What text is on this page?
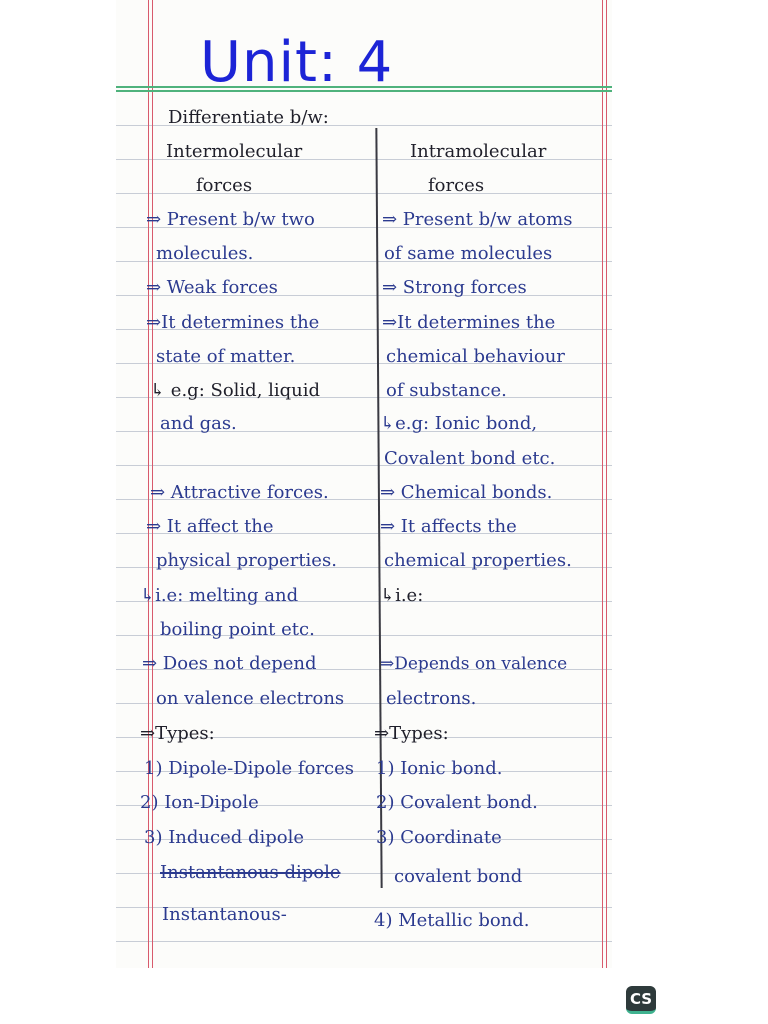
Unit: 4
Differentiate b/w:
Intermolecular
forces
Intramolecular
forces
⇒ Present b/w two
molecules.
⇒ Weak forces
⇒It determines the
state of matter.
↳ e.g: Solid, liquid
and gas.
⇒ Attractive forces.
⇒ It affect the
physical properties.
↳i.e: melting and
boiling point etc.
⇒ Does not depend
on valence electrons
⇒Types:
1) Dipole-Dipole forces
2) Ion-Dipole
3) Induced dipole
Instantanous dipole
Instantanous-
⇒ Present b/w atoms
of same molecules
⇒ Strong forces
⇒It determines the
chemical behaviour
of substance.
↳e.g: Ionic bond,
Covalent bond etc.
⇒ Chemical bonds.
⇒ It affects the
chemical properties.
↳i.e:
⇒Depends on valence
electrons.
⇒Types:
1) Ionic bond.
2) Covalent bond.
3) Coordinate
covalent bond
4) Metallic bond.
CS
